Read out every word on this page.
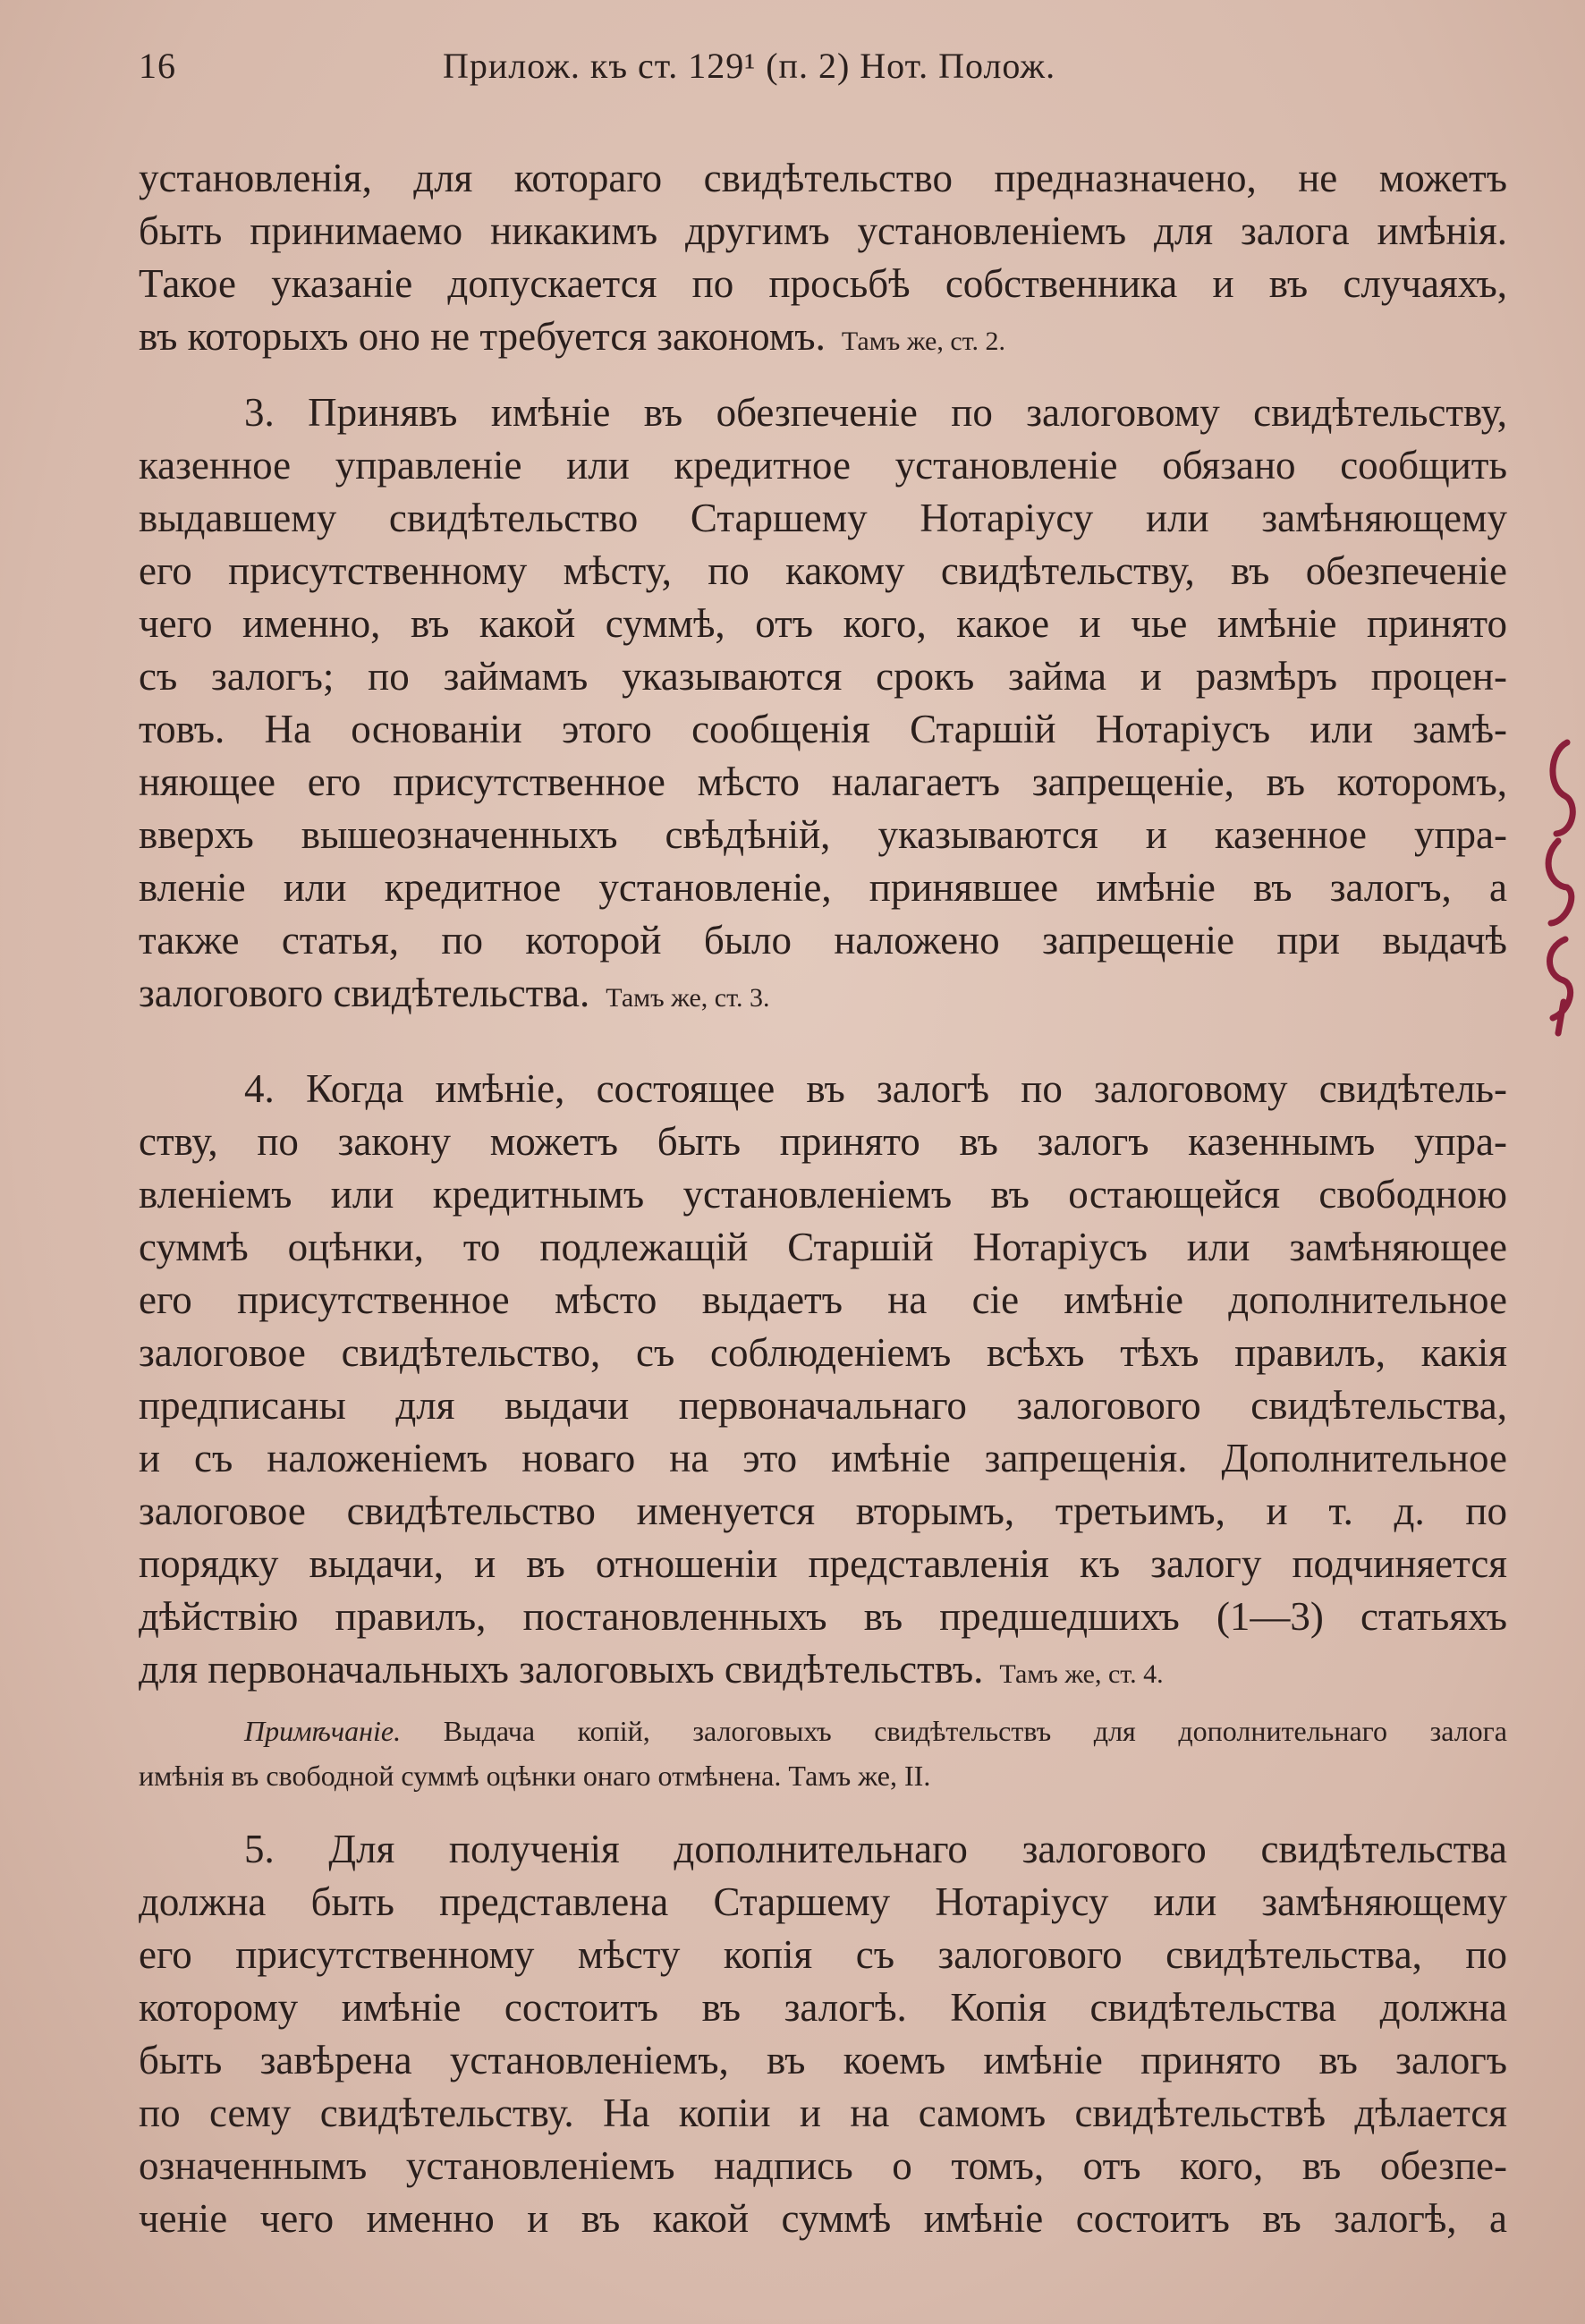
16	Прилож. къ ст. 129¹ (п. 2) Нот. Полож.
установленія, для котораго свидѣтельство предназначено, не можетъ
быть принимаемо никакимъ другимъ установленіемъ для залога имѣнія.
Такое указаніе допускается по просьбѣ собственника и въ случаяхъ,
въ которыхъ оно не требуется закономъ. Тамъ же, ст. 2.
3. Принявъ имѣніе въ обезпеченіе по залоговому свидѣтельству,
казенное управленіе или кредитное установленіе обязано сообщить
выдавшему свидѣтельство Старшему Нотаріусу или замѣняющему
его присутственному мѣсту, по какому свидѣтельству, въ обезпеченіе
чего именно, въ какой суммѣ, отъ кого, какое и чье имѣніе принято
съ залогъ; по займамъ указываются срокъ займа и размѣръ процен-
товъ. На основаніи этого сообщенія Старшій Нотаріусъ или замѣ-
няющее его присутственное мѣсто налагаетъ запрещеніе, въ которомъ,
вверхъ вышеозначенныхъ свѣдѣній, указываются и казенное упра-
вленіе или кредитное установленіе, принявшее имѣніе въ залогъ, а
также статья, по которой было наложено запрещеніе при выдачѣ
залогового свидѣтельства. Тамъ же, ст. 3.
4. Когда имѣніе, состоящее въ залогѣ по залоговому свидѣтель-
ству, по закону можетъ быть принято въ залогъ казеннымъ упра-
вленіемъ или кредитнымъ установленіемъ въ остающейся свободною
суммѣ оцѣнки, то подлежащій Старшій Нотаріусъ или замѣняющее
его присутственное мѣсто выдаетъ на сіе имѣніе дополнительное
залоговое свидѣтельство, съ соблюденіемъ всѣхъ тѣхъ правилъ, какія
предписаны для выдачи первоначальнаго залогового свидѣтельства,
и съ наложеніемъ новаго на это имѣніе запрещенія. Дополнительное
залоговое свидѣтельство именуется вторымъ, третьимъ, и т. д. по
порядку выдачи, и въ отношеніи представленія къ залогу подчиняется
дѣйствію правилъ, постановленныхъ въ предшедшихъ (1—3) статьяхъ
для первоначальныхъ залоговыхъ свидѣтельствъ. Тамъ же, ст. 4.
Примѣчаніе. Выдача копій, залоговыхъ свидѣтельствъ для дополнительнаго залога
имѣнія въ свободной суммѣ оцѣнки онаго отмѣнена. Тамъ же, II.
5. Для полученія дополнительнаго залогового свидѣтельства
должна быть представлена Старшему Нотаріусу или замѣняющему
его присутственному мѣсту копія съ залогового свидѣтельства, по
которому имѣніе состоитъ въ залогѣ. Копія свидѣтельства должна
быть завѣрена установленіемъ, въ коемъ имѣніе принято въ залогъ
по сему свидѣтельству. На копіи и на самомъ свидѣтельствѣ дѣлается
означеннымъ установленіемъ надпись о томъ, отъ кого, въ обезпе-
ченіе чего именно и въ какой суммѣ имѣніе состоитъ въ залогѣ, а
